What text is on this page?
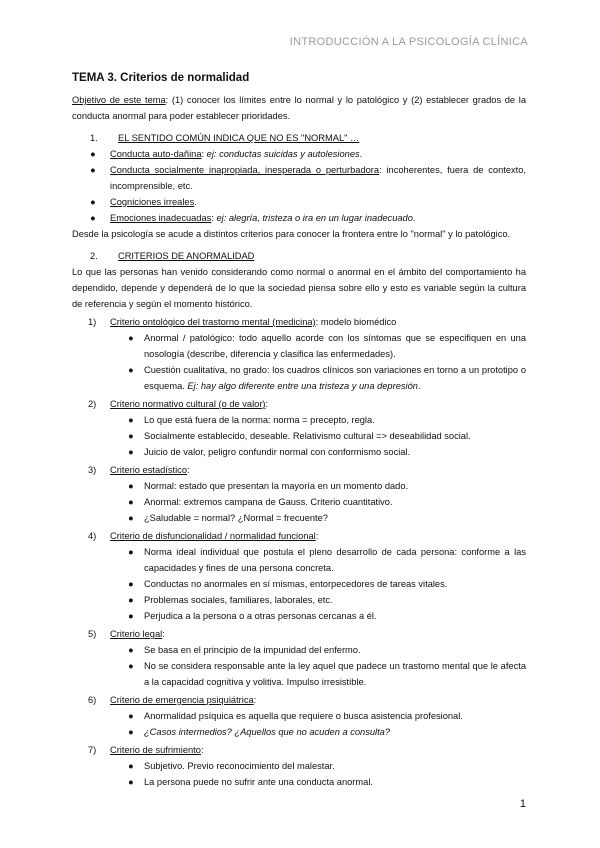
INTRODUCCIÓN A LA PSICOLOGÍA CLÍNICA
TEMA 3. Criterios de normalidad

Objetivo de este tema: (1) conocer los límites entre lo normal y lo patológico y (2) establecer grados de la conducta anormal para poder establecer prioridades.

1.	EL SENTIDO COMÚN INDICA QUE NO ES "NORMAL" …
●	Conducta auto-dañina: ej: conductas suicidas y autolesiones.
●	Conducta socialmente inapropiada, inesperada o perturbadora: incoherentes, fuera de contexto, incomprensible, etc.
●	Cogniciones irreales.
●	Emociones inadecuadas: ej: alegría, tristeza o ira en un lugar inadecuado.

Desde la psicología se acude a distintos criterios para conocer la frontera entre lo "normal" y lo patológico.

2.	CRITERIOS DE ANORMALIDAD

Lo que las personas han venido considerando como normal o anormal en el ámbito del comportamiento ha dependido, depende y dependerá de lo que la sociedad piensa sobre ello y esto es variable según la cultura de referencia y según el momento histórico.

1)	Criterio ontológico del trastorno mental (medicina): modelo biomédico
●	Anormal / patológico: todo aquello acorde con los síntomas que se especifiquen en una nosología (describe, diferencia y clasifica las enfermedades).
●	Cuestión cualitativa, no grado: los cuadros clínicos son variaciones en torno a un prototipo o esquema. Ej: hay algo diferente entre una tristeza y una depresión.
2)	Criterio normativo cultural (o de valor):
●	Lo que está fuera de la norma: norma = precepto, regla.
●	Socialmente establecido, deseable. Relativismo cultural => deseabilidad social.
●	Juicio de valor, peligro confundir normal con conformismo social.
3)	Criterio estadístico:
●	Normal: estado que presentan la mayoría en un momento dado.
●	Anormal: extremos campana de Gauss. Criterio cuantitativo.
●	¿Saludable = normal? ¿Normal = frecuente?
4)	Criterio de disfuncionalidad / normalidad funcional:
●	Norma ideal individual que postula el pleno desarrollo de cada persona: conforme a las capacidades y fines de una persona concreta.
●	Conductas no anormales en sí mismas, entorpecedores de tareas vitales.
●	Problemas sociales, familiares, laborales, etc.
●	Perjudica a la persona o a otras personas cercanas a él.
5)	Criterio legal:
●	Se basa en el principio de la impunidad del enfermo.
●	No se considera responsable ante la ley aquel que padece un trastorno mental que le afecta a la capacidad cognitiva y volitiva. Impulso irresistible.
6)	Criterio de emergencia psiquiátrica:
●	Anormalidad psíquica es aquella que requiere o busca asistencia profesional.
●	¿Casos intermedios? ¿Aquellos que no acuden a consulta?
7)	Criterio de sufrimiento:
●	Subjetivo. Previo reconocimiento del malestar.
●	La persona puede no sufrir ante una conducta anormal.
1
